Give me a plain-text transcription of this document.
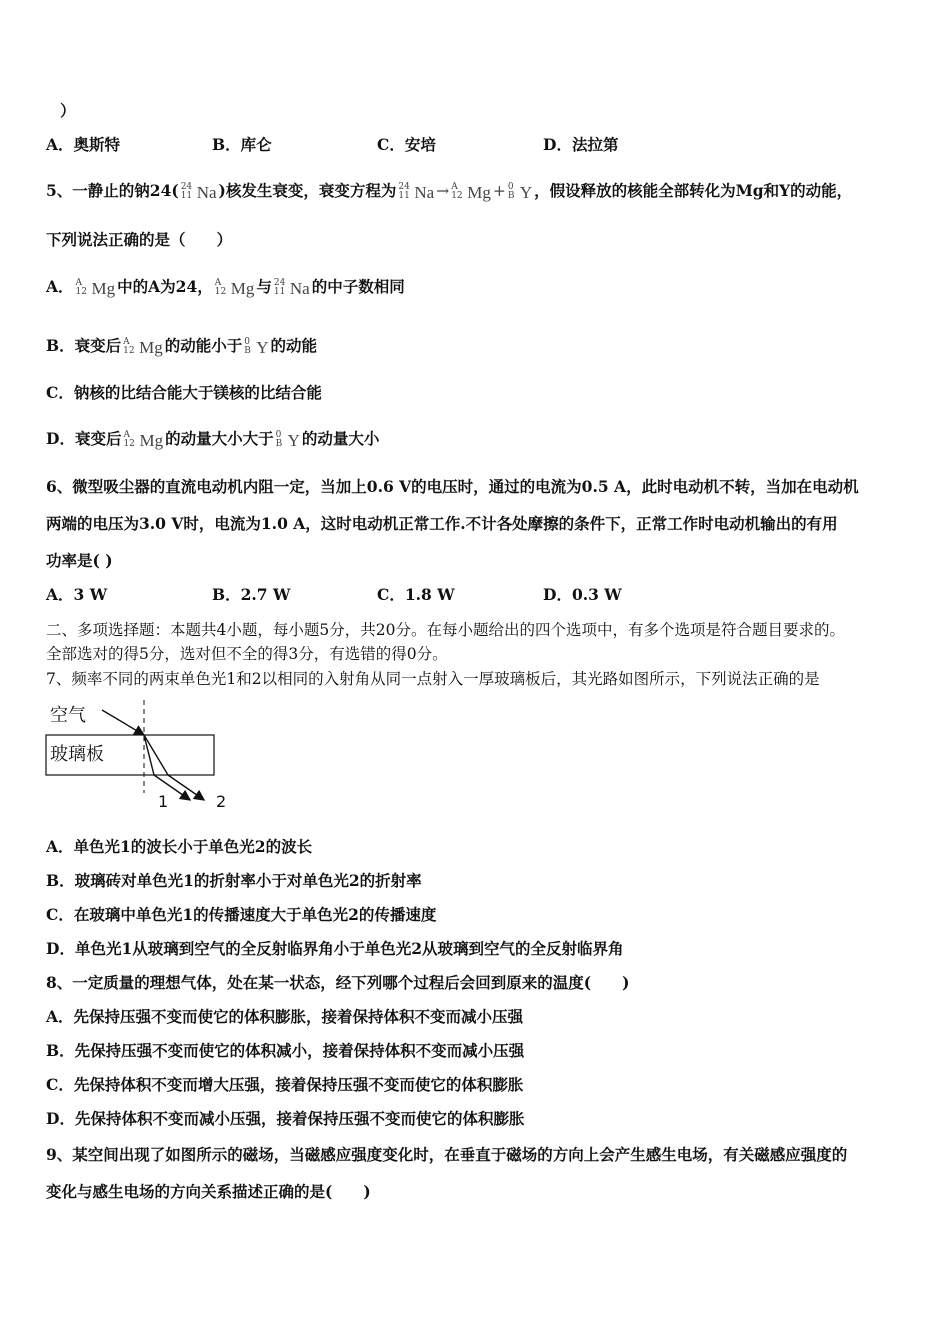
）
A．奥斯特	B．库仑	C．安培	D．法拉第
5、一静止的钠24( 24
11 Na )核发生衰变，衰变方程为 24
11 Na → A
12 Mg + 0
B Y ，假设释放的核能全部转化为Mg和Y的动能，
下列说法正确的是（　　）
A． A
12 Mg 中的A为24， A
12 Mg 与 24
11 Na 的中子数相同
B．衰变后 A
12 Mg 的动能小于 0
B Y 的动能
C．钠核的比结合能大于镁核的比结合能
D．衰变后 A
12 Mg 的动量大小大于 0
B Y 的动量大小
6、微型吸尘器的直流电动机内阻一定，当加上0.6 V的电压时，通过的电流为0.5 A，此时电动机不转，当加在电动机
两端的电压为3.0 V时，电流为1.0 A，这时电动机正常工作.不计各处摩擦的条件下，正常工作时电动机输出的有用
功率是( )
A．3 W	B．2.7 W	C．1.8 W	D．0.3 W
二、多项选择题：本题共4小题，每小题5分，共20分。在每小题给出的四个选项中，有多个选项是符合题目要求的。
全部选对的得5分，选对但不全的得3分，有选错的得0分。
7、频率不同的两束单色光1和2以相同的入射角从同一点射入一厚玻璃板后，其光路如图所示，下列说法正确的是
空气
玻璃板
1	2
A．单色光1的波长小于单色光2的波长
B．玻璃砖对单色光1的折射率小于对单色光2的折射率
C．在玻璃中单色光1的传播速度大于单色光2的传播速度
D．单色光1从玻璃到空气的全反射临界角小于单色光2从玻璃到空气的全反射临界角
8、一定质量的理想气体，处在某一状态，经下列哪个过程后会回到原来的温度(　　)
A．先保持压强不变而使它的体积膨胀，接着保持体积不变而减小压强
B．先保持压强不变而使它的体积减小，接着保持体积不变而减小压强
C．先保持体积不变而增大压强，接着保持压强不变而使它的体积膨胀
D．先保持体积不变而减小压强，接着保持压强不变而使它的体积膨胀
9、某空间出现了如图所示的磁场，当磁感应强度变化时，在垂直于磁场的方向上会产生感生电场，有关磁感应强度的
变化与感生电场的方向关系描述正确的是(　　)
